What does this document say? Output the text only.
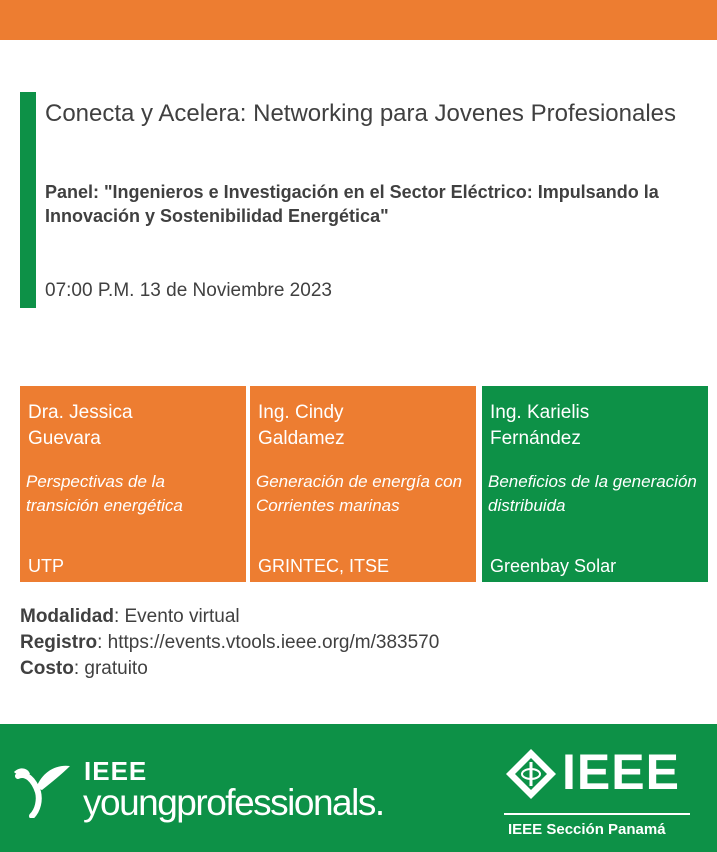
Conecta y Acelera: Networking para Jovenes Profesionales
Panel: "Ingenieros e Investigación en el Sector Eléctrico: Impulsando la Innovación y Sostenibilidad Energética"
07:00 P.M. 13 de Noviembre 2023
Dra. Jessica
Guevara
Perspectivas de la transición energética
UTP
Ing. Cindy
Galdamez
Generación de energía con Corrientes marinas
GRINTEC, ITSE
Ing. Karielis
Fernández
Beneficios de la generación distribuida
Greenbay Solar
Modalidad: Evento virtual
Registro: https://events.vtools.ieee.org/m/383570
Costo: gratuito
IEEE
youngprofessionals.
IEEE
IEEE Sección Panamá
